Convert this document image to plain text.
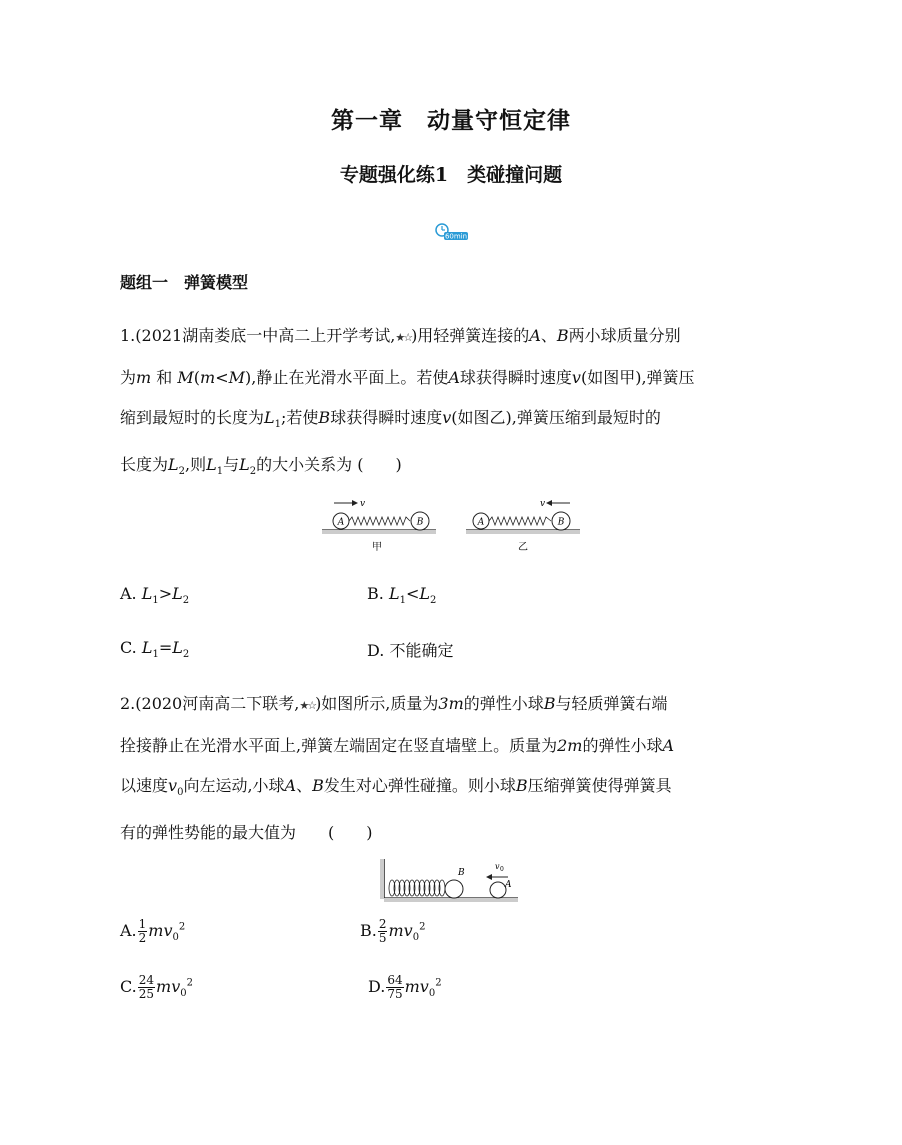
第一章　动量守恒定律
专题强化练1　类碰撞问题
60min
题组一　弹簧模型
1.(2021湖南娄底一中高二上开学考试,★☆)用轻弹簧连接的A、B两小球质量分别
为m 和 M(m<M),静止在光滑水平面上。若使A球获得瞬时速度v(如图甲),弹簧压
缩到最短时的长度为$L_1$;若使B球获得瞬时速度v(如图乙),弹簧压缩到最短时的
长度为$L_2$,则$L_1$与$L_2$的大小关系为 (　　)
v
A	B
甲
v
A	B
乙
A. $L_1>L_2$	B. $L_1<L_2$
C. $L_1=L_2$	D. 不能确定
2.(2020河南高二下联考,★☆)如图所示,质量为3m的弹性小球B与轻质弹簧右端
拴接静止在光滑水平面上,弹簧左端固定在竖直墙壁上。质量为2m的弹性小球A
以速度$v_0$向左运动,小球A、B发生对心弹性碰撞。则小球B压缩弹簧使得弹簧具
有的弹性势能的最大值为　　(　　)
B
A
v 0
A. $\frac{1}{2} mv_0^2$	B. $\frac{2}{5} mv_0^2$
C. $\frac{24}{25} mv_0^2$	D. $\frac{64}{75} mv_0^2$
